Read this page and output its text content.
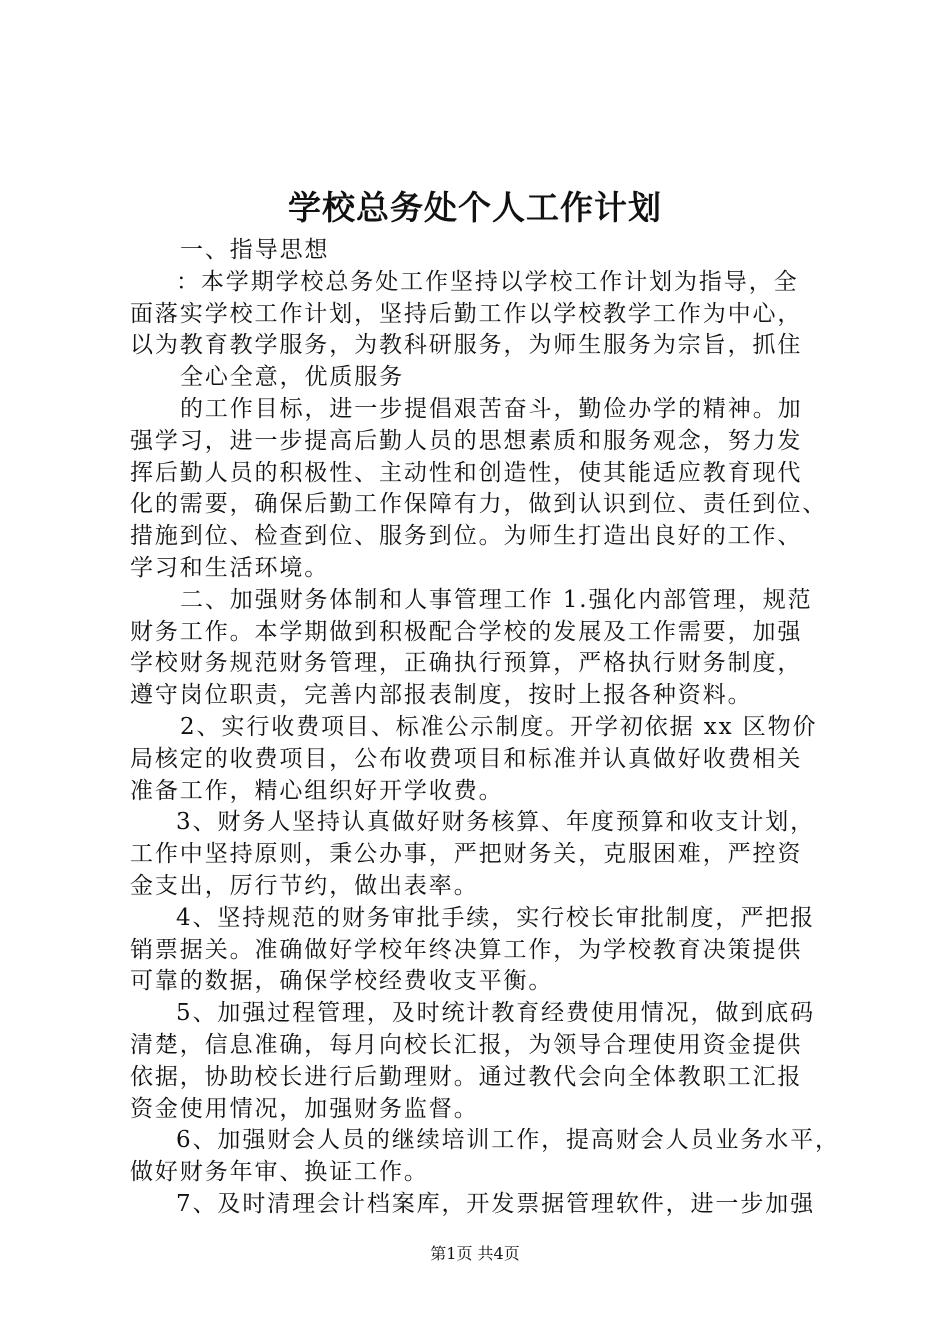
学校总务处个人工作计划
一、指导思想
：本学期学校总务处工作坚持以学校工作计划为指导，全
面落实学校工作计划，坚持后勤工作以学校教学工作为中心，
以为教育教学服务，为教科研服务，为师生服务为宗旨，抓住
全心全意，优质服务
的工作目标，进一步提倡艰苦奋斗，勤俭办学的精神。加
强学习，进一步提高后勤人员的思想素质和服务观念，努力发
挥后勤人员的积极性、主动性和创造性，使其能适应教育现代
化的需要，确保后勤工作保障有力，做到认识到位、责任到位、
措施到位、检查到位、服务到位。为师生打造出良好的工作、
学习和生活环境。
二、加强财务体制和人事管理工作 1.强化内部管理，规范
财务工作。本学期做到积极配合学校的发展及工作需要，加强
学校财务规范财务管理，正确执行预算，严格执行财务制度，
遵守岗位职责，完善内部报表制度，按时上报各种资料。
2、实行收费项目、标准公示制度。开学初依据 xx 区物价
局核定的收费项目，公布收费项目和标准并认真做好收费相关
准备工作，精心组织好开学收费。
3、财务人坚持认真做好财务核算、年度预算和收支计划，
工作中坚持原则，秉公办事，严把财务关，克服困难，严控资
金支出，厉行节约，做出表率。
4、坚持规范的财务审批手续，实行校长审批制度，严把报
销票据关。准确做好学校年终决算工作，为学校教育决策提供
可靠的数据，确保学校经费收支平衡。
5、加强过程管理，及时统计教育经费使用情况，做到底码
清楚，信息准确，每月向校长汇报，为领导合理使用资金提供
依据，协助校长进行后勤理财。通过教代会向全体教职工汇报
资金使用情况，加强财务监督。
6、加强财会人员的继续培训工作，提高财会人员业务水平，
做好财务年审、换证工作。
7、及时清理会计档案库，开发票据管理软件，进一步加强
第1页 共4页
